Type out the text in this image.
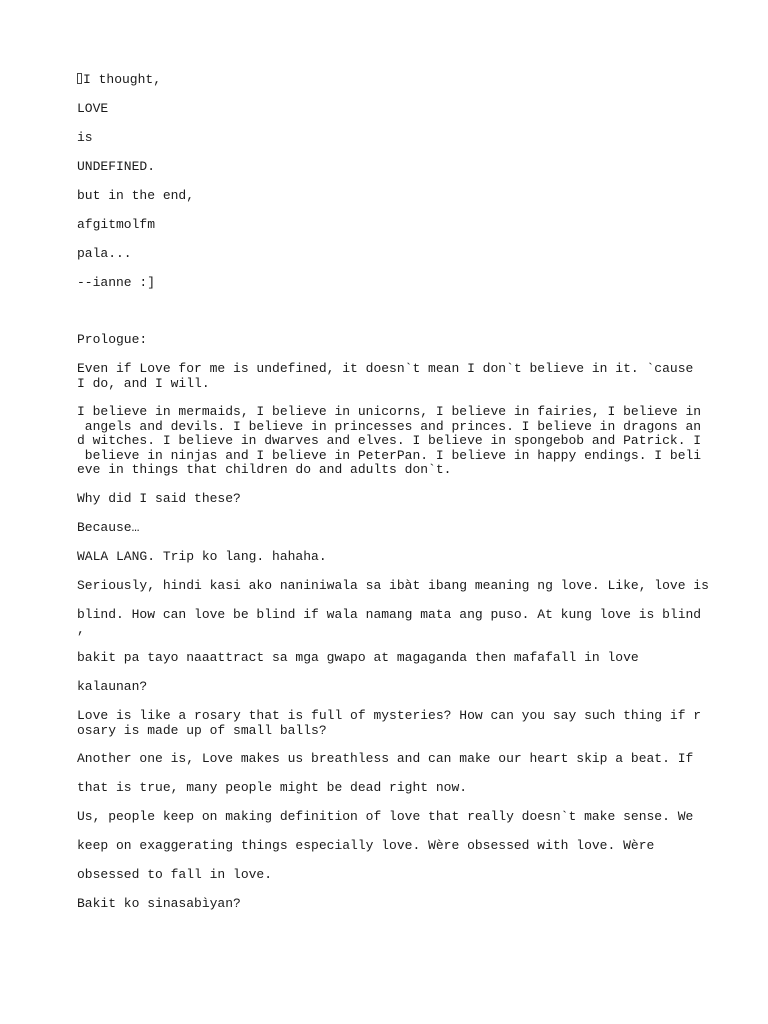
I thought,

LOVE

is

UNDEFINED.

but in the end,

afgitmolfm

pala...

--ianne :]

Prologue:

Even if Love for me is undefined, it doesn`t mean I don`t believe in it. `cause
I do, and I will.

I believe in mermaids, I believe in unicorns, I believe in fairies, I believe in
angels and devils. I believe in princesses and princes. I believe in dragons an
d witches. I believe in dwarves and elves. I believe in spongebob and Patrick. I
believe in ninjas and I believe in PeterPan. I believe in happy endings. I beli
eve in things that children do and adults don`t.

Why did I said these?

Because…

WALA LANG. Trip ko lang. hahaha.

Seriously, hindi kasi ako naniniwala sa ibàt ibang meaning ng love. Like, love is

blind. How can love be blind if wala namang mata ang puso. At kung love is blind
,

bakit pa tayo naaattract sa mga gwapo at magaganda then mafafall in love

kalaunan?

Love is like a rosary that is full of mysteries? How can you say such thing if r
osary is made up of small balls?

Another one is, Love makes us breathless and can make our heart skip a beat. If

that is true, many people might be dead right now.

Us, people keep on making definition of love that really doesn`t make sense. We

keep on exaggerating things especially love. Wère obsessed with love. Wère

obsessed to fall in love.

Bakit ko sinasabìyan?
